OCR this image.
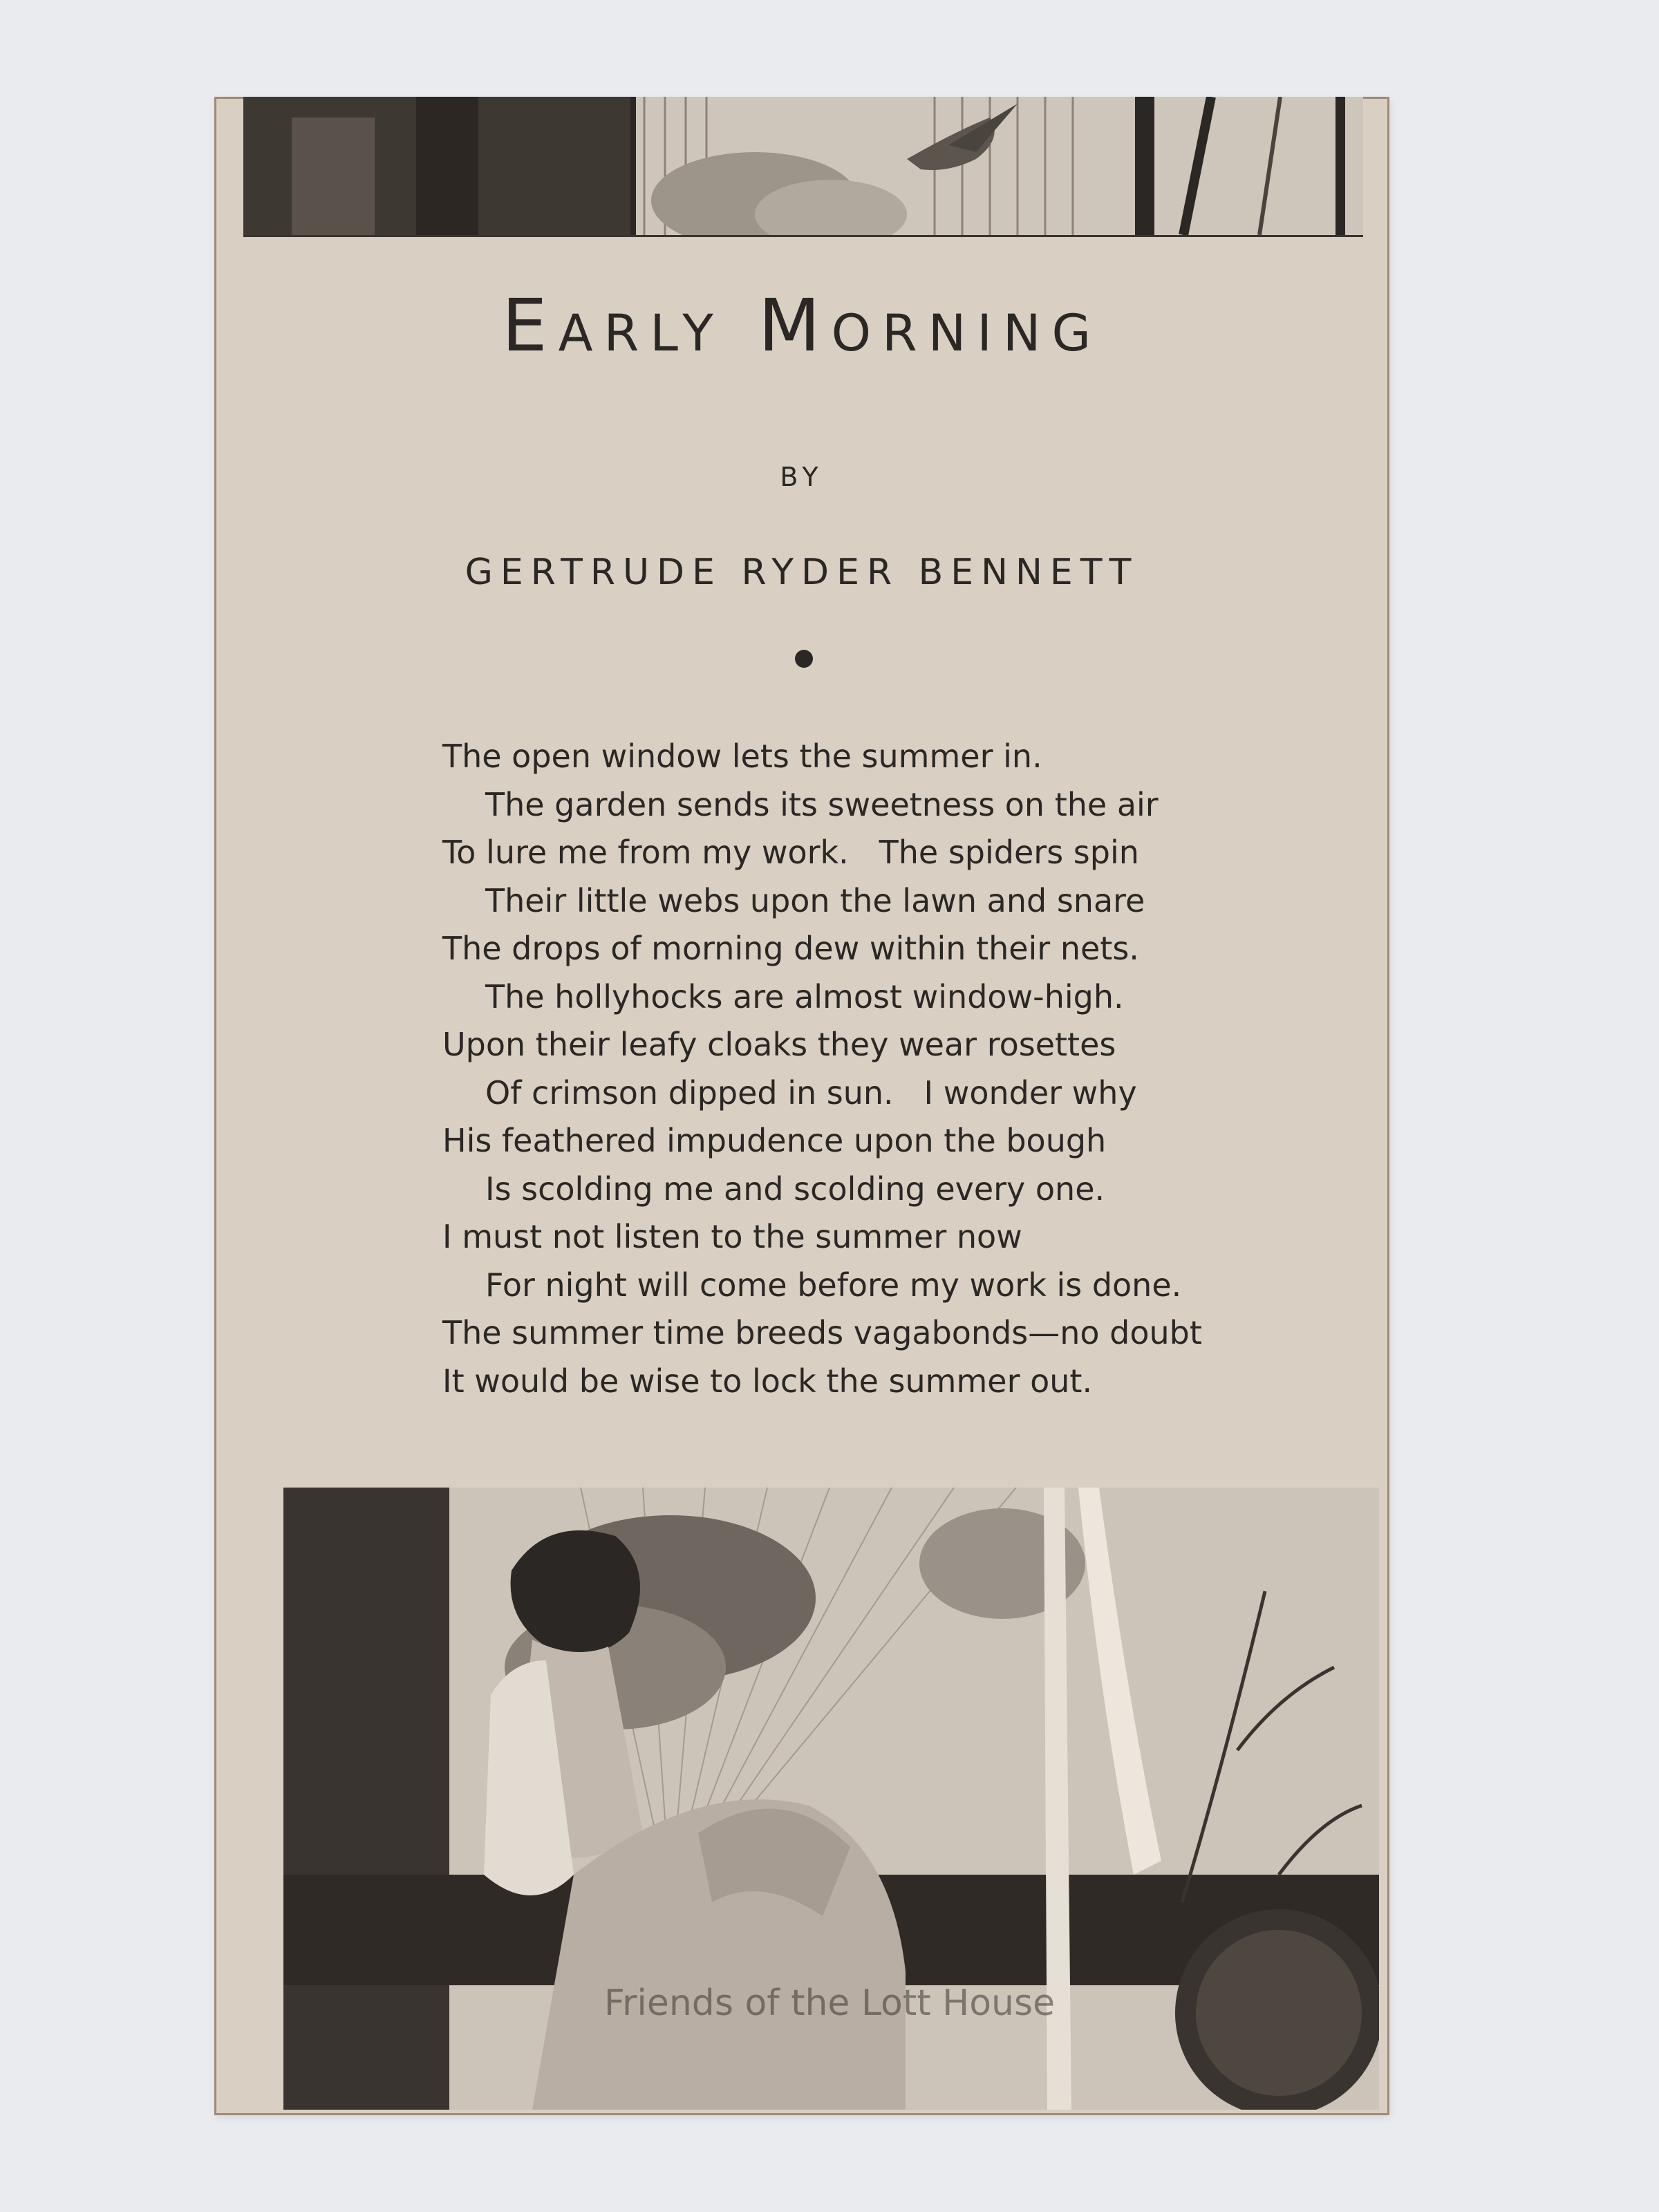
Early Morning
BY
GERTRUDE RYDER BENNETT
The open window lets the summer in.
The garden sends its sweetness on the air
To lure me from my work.   The spiders spin
Their little webs upon the lawn and snare
The drops of morning dew within their nets.
The hollyhocks are almost window-high.
Upon their leafy cloaks they wear rosettes
Of crimson dipped in sun.   I wonder why
His feathered impudence upon the bough
Is scolding me and scolding every one.
I must not listen to the summer now
For night will come before my work is done.
The summer time breeds vagabonds—no doubt
It would be wise to lock the summer out.
Friends of the Lott House
